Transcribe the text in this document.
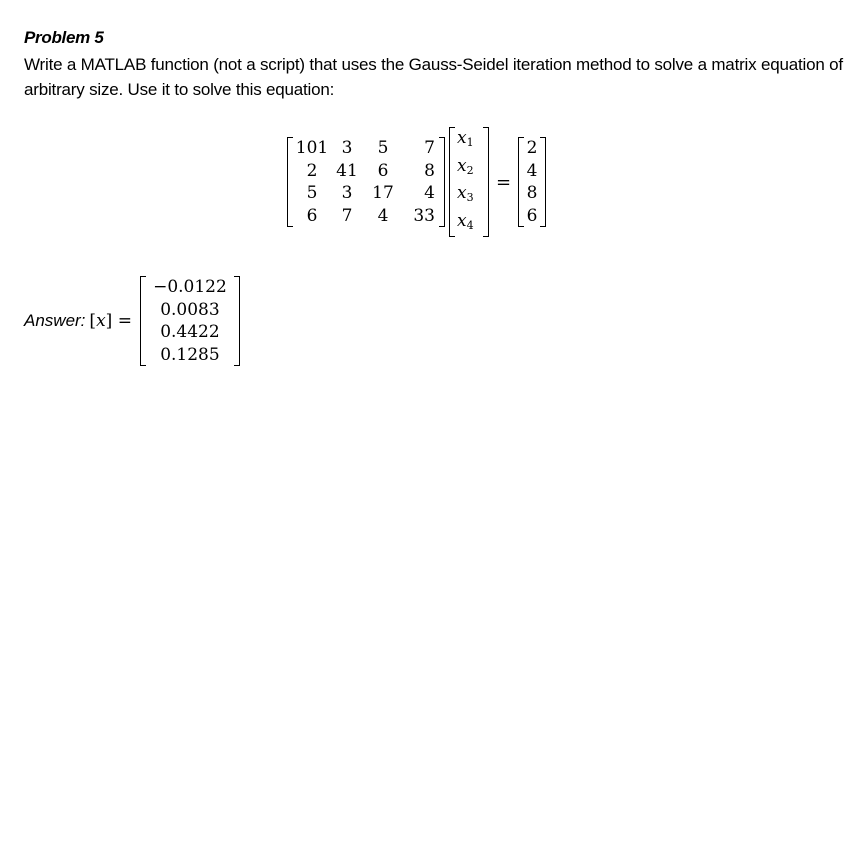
Problem 5
Write a MATLAB function (not a script) that uses the Gauss-Seidel iteration method to solve a matrix equation of arbitrary size. Use it to solve this equation:
101 3	5	7
2	41	6	8
5	3	17	4
6	7	4	33
$x_1$
$x_2$
$x_3$
$x_4$
=
2
4
8
6
Answer: [x] =
−0.0122
0.0083
0.4422
0.1285
